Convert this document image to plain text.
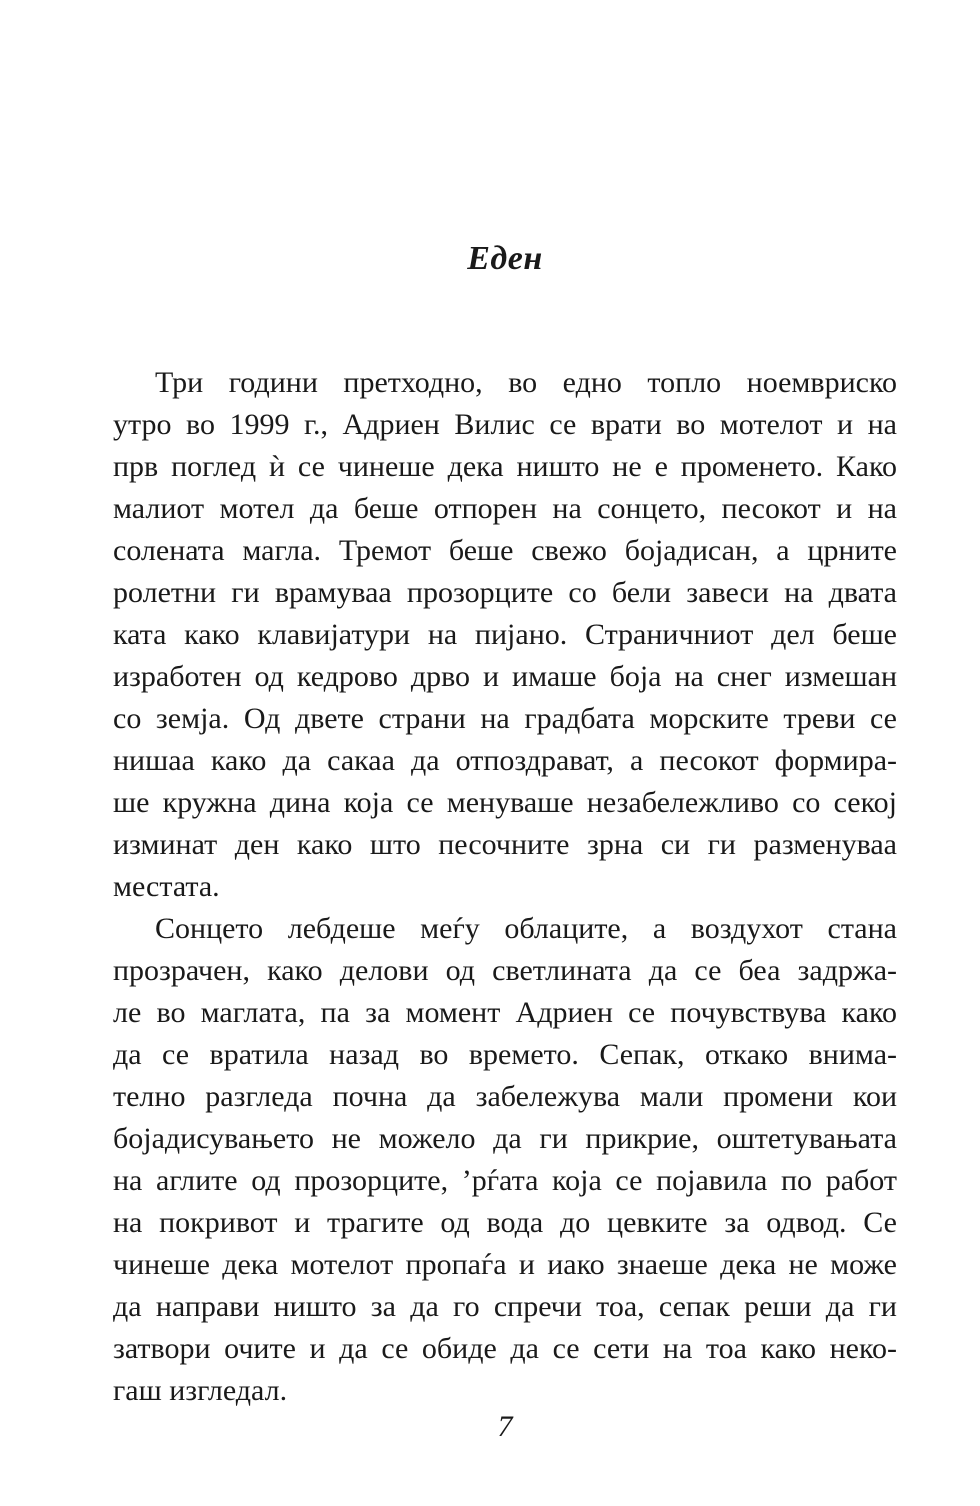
Еден
Три години претходно, во едно топло ноемвриско
утро во 1999 г., Адриен Вилис се врати во мотелот и на
прв поглед ѝ се чинеше дека ништо не е променето. Како
малиот мотел да беше отпорен на сонцето, песокот и на
солената магла. Тремот беше свежо бојадисан, а црните
ролетни ги врамуваа прозорците со бели завеси на двата
ката како клавијатури на пијано. Страничниот дел беше
изработен од кедрово дрво и имаше боја на снег измешан
со земја. Од двете страни на градбата морските треви се
нишаа како да сакаа да отпоздрават, а песокот формира-
ше кружна дина која се менуваше незабележливо со секој
изминат ден како што песочните зрна си ги разменуваа
местата.
Сонцето лебдеше меѓу облаците, а воздухот стана
прозрачен, како делови од светлината да се беа задржа-
ле во маглата, па за момент Адриен се почувствува како
да се вратила назад во времето. Сепак, откако внима-
телно разгледа почна да забележува мали промени кои
бојадисувањето не можело да ги прикрие, оштетувањата
на аглите од прозорците, ’рѓата која се појавила по работ
на покривот и трагите од вода до цевките за одвод. Се
чинеше дека мотелот пропаѓа и иако знаеше дека не може
да направи ништо за да го спречи тоа, сепак реши да ги
затвори очите и да се обиде да се сети на тоа како неко-
гаш изгледал.
7
